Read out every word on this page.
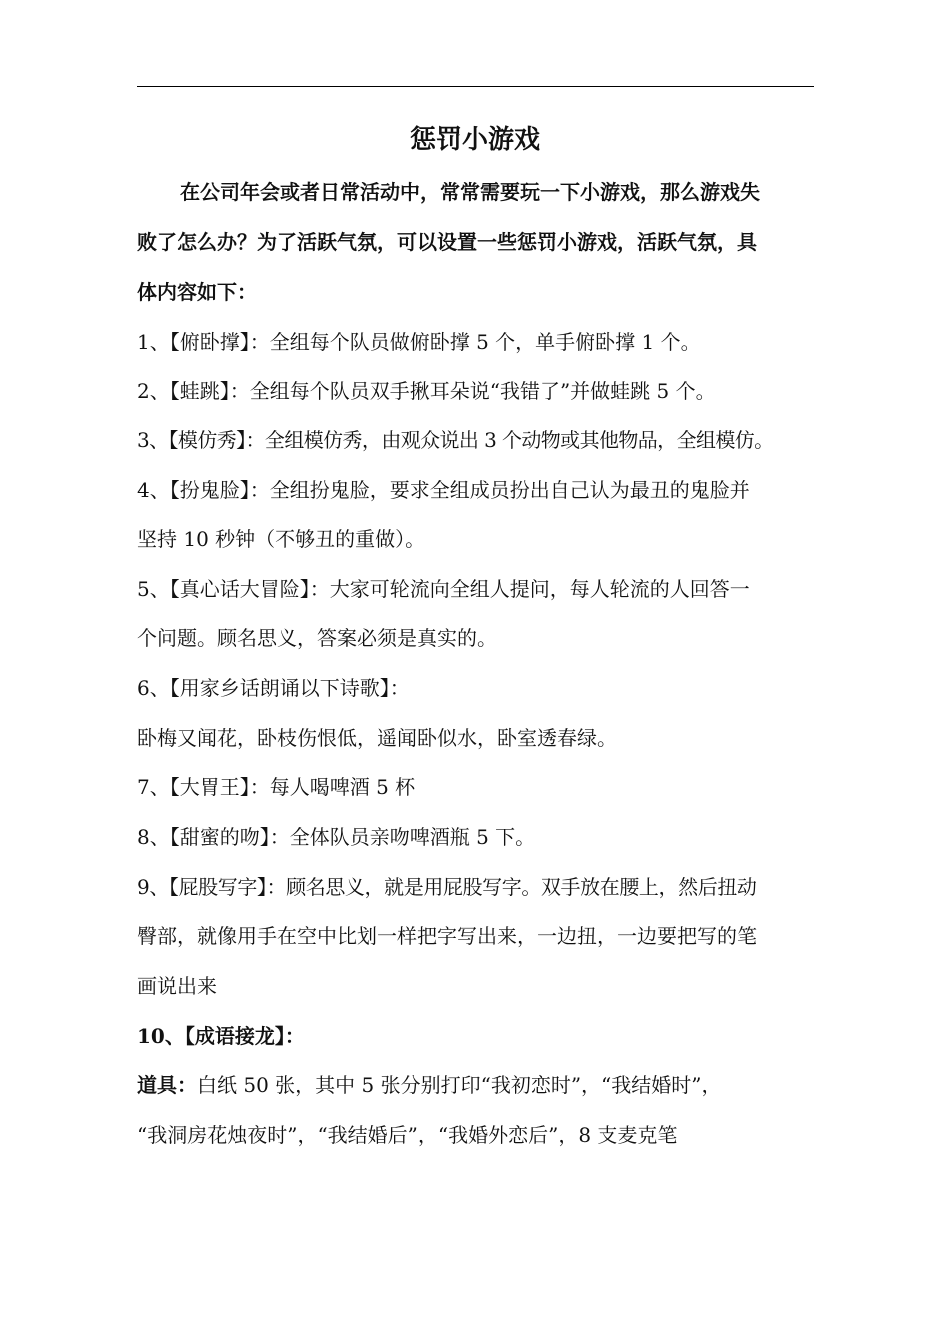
惩罚小游戏
在公司年会或者日常活动中，常常需要玩一下小游戏，那么游戏失
败了怎么办？为了活跃气氛，可以设置一些惩罚小游戏，活跃气氛，具
体内容如下：
1、【俯卧撑】：全组每个队员做俯卧撑 5 个，单手俯卧撑 1 个。
2、【蛙跳】：全组每个队员双手揪耳朵说“我错了”并做蛙跳 5 个。
3、【模仿秀】：全组模仿秀，由观众说出 3 个动物或其他物品，全组模仿。
4、【扮鬼脸】：全组扮鬼脸，要求全组成员扮出自己认为最丑的鬼脸并
坚持 10 秒钟（不够丑的重做）。
5、【真心话大冒险】：大家可轮流向全组人提问，每人轮流的人回答一
个问题。顾名思义，答案必须是真实的。
6、【用家乡话朗诵以下诗歌】：
卧梅又闻花，卧枝伤恨低，遥闻卧似水，卧室透春绿。
7、【大胃王】：每人喝啤酒 5 杯
8、【甜蜜的吻】：全体队员亲吻啤酒瓶 5 下。
9、【屁股写字】：顾名思义，就是用屁股写字。双手放在腰上，然后扭动
臀部，就像用手在空中比划一样把字写出来，一边扭，一边要把写的笔
画说出来
10、【成语接龙】：
道具：白纸 50 张，其中 5 张分别打印“我初恋时”，“我结婚时”，
“我洞房花烛夜时”，“我结婚后”，“我婚外恋后”，8 支麦克笔
